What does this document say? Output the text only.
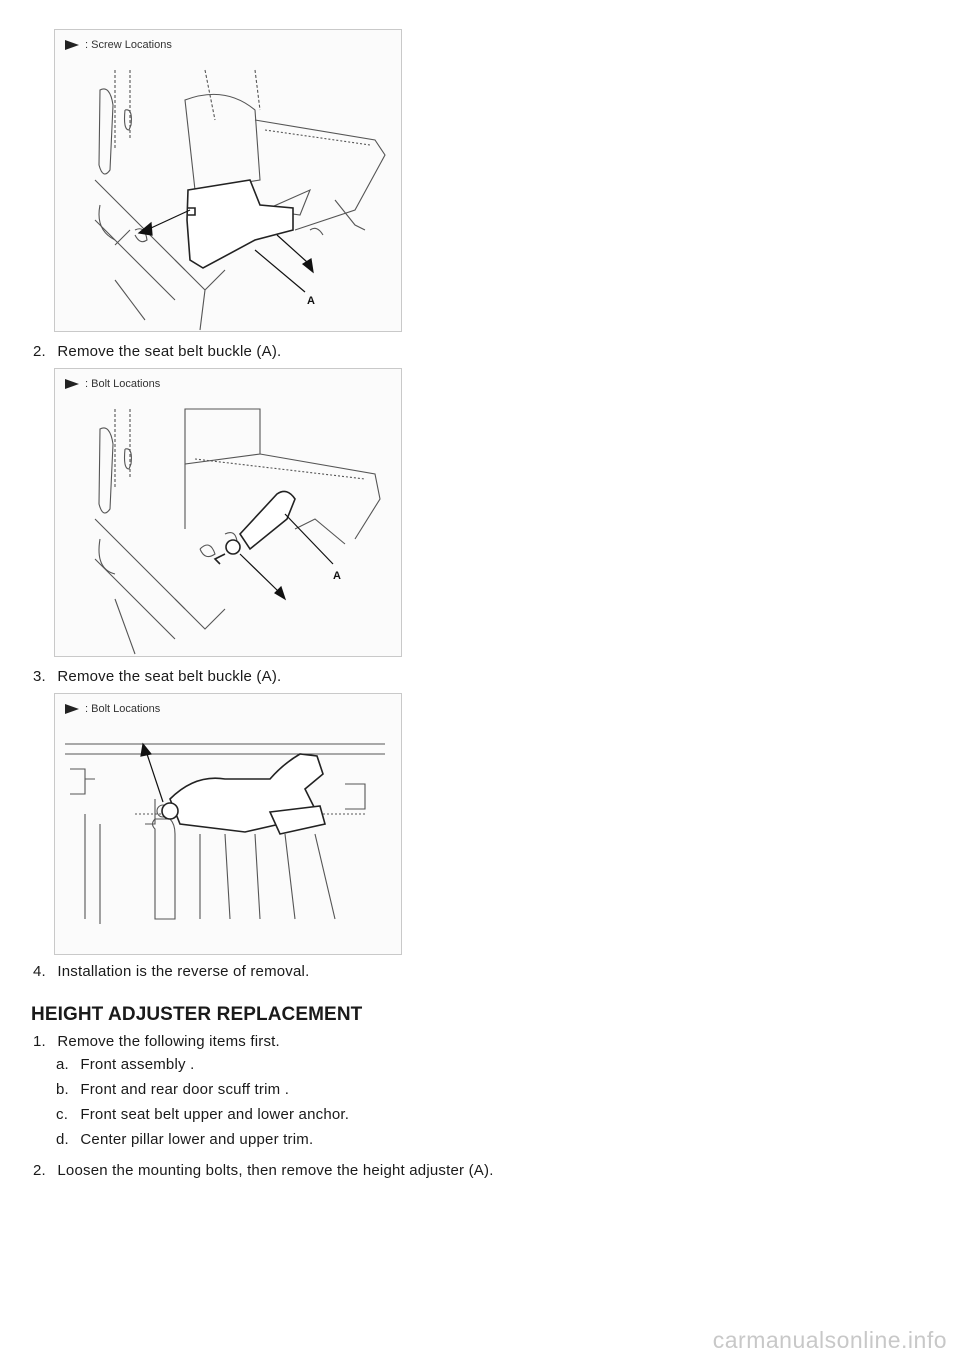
A
: Screw Locations
2. Remove the seat belt buckle (A).
A
: Bolt Locations
3. Remove the seat belt buckle (A).
: Bolt Locations
4. Installation is the reverse of removal.
HEIGHT ADJUSTER REPLACEMENT
1. Remove the following items first.
a. Front assembly .
b. Front and rear door scuff trim .
c. Front seat belt upper and lower anchor.
d. Center pillar lower and upper trim.
2. Loosen the mounting bolts, then remove the height adjuster (A).
carmanualsonline.info
